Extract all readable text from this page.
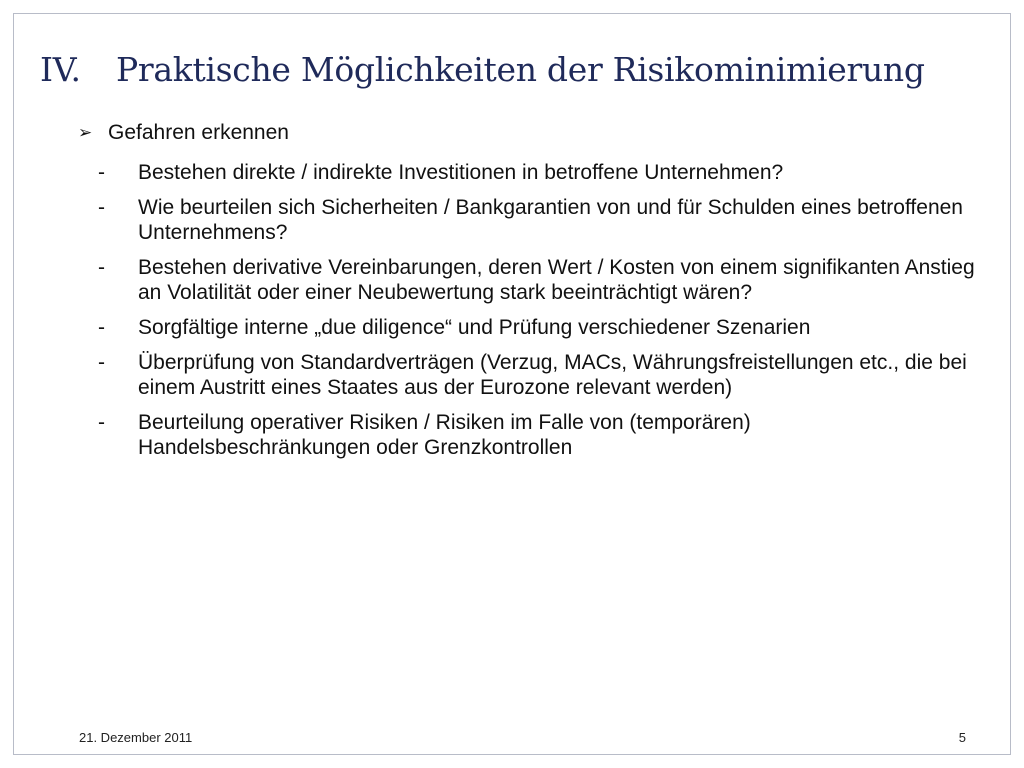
IV. Praktische Möglichkeiten der Risikominimierung
➢ Gefahren erkennen
-	Bestehen direkte / indirekte Investitionen in betroffene Unternehmen?
-	Wie beurteilen sich Sicherheiten / Bankgarantien von und für Schulden eines betroffenen Unternehmens?
-	Bestehen derivative Vereinbarungen, deren Wert / Kosten von einem signifikanten Anstieg an Volatilität oder einer Neubewertung stark beeinträchtigt wären?
-	Sorgfältige interne „due diligence“ und Prüfung verschiedener Szenarien
-	Überprüfung von Standardverträgen (Verzug, MACs, Währungsfreistellungen etc., die bei einem Austritt eines Staates aus der Eurozone relevant werden)
-	Beurteilung operativer Risiken / Risiken im Falle von (temporären) Handelsbeschränkungen oder Grenzkontrollen
21. Dezember 2011	5
